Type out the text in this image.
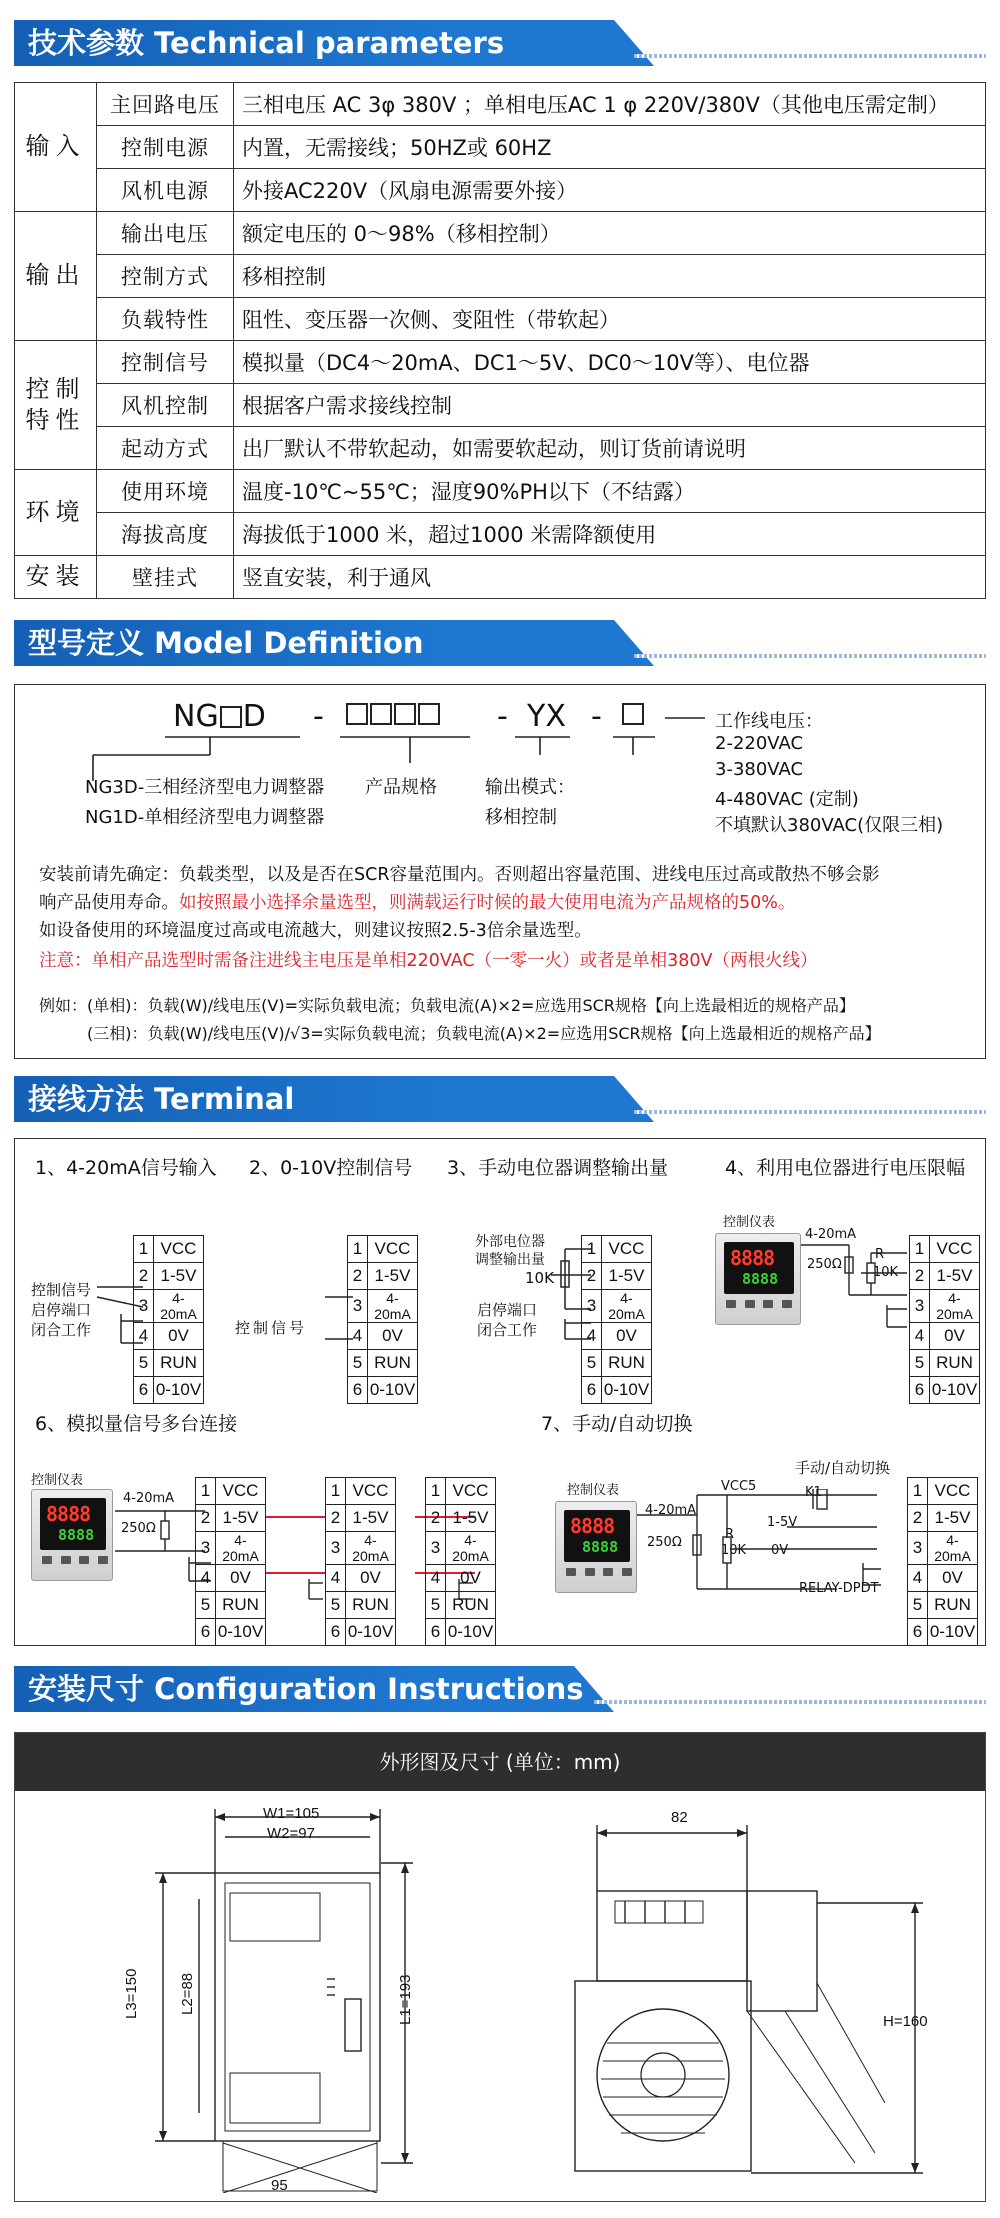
技术参数 Technical parameters
输入	主回路电压	三相电压 AC 3φ 380V ；单相电压AC 1 φ 220V/380V（其他电压需定制）
	控制电源	内置，无需接线；50HZ或 60HZ
	风机电源	外接AC220V（风扇电源需要外接）
输出	输出电压	额定电压的 0～98%（移相控制）
	控制方式	移相控制
	负载特性	阻性、变压器一次侧、变阻性（带软起）
控制特性	控制信号	模拟量（DC4～20mA、DC1～5V、DC0～10V等）、电位器
	风机控制	根据客户需求接线控制
	起动方式	出厂默认不带软起动，如需要软起动，则订货前请说明
环境	使用环境	温度-10℃~55℃；湿度90%PH以下（不结露）
	海拔高度	海拔低于1000 米，超过1000 米需降额使用
安装	壁挂式	竖直安装，利于通风
型号定义 Model Definition
NG D -	- YX -
NG3D-三相经济型电力调整器
NG1D-单相经济型电力调整器
产品规格	输出模式：
移相控制
工作线电压：
2-220VAC
3-380VAC
4-480VAC (定制)
不填默认380VAC(仅限三相)
安装前请先确定：负载类型，以及是否在SCR容量范围内。否则超出容量范围、进线电压过高或散热不够会影
响产品使用寿命。如按照最小选择余量选型，则满载运行时候的最大使用电流为产品规格的50%。
如设备使用的环境温度过高或电流越大，则建议按照2.5-3倍余量选型。
注意：单相产品选型时需备注进线主电压是单相220VAC（一零一火）或者是单相380V（两根火线）
例如：(单相)：负载(W)/线电压(V)=实际负载电流；负载电流(A)×2=应选用SCR规格【向上选最相近的规格产品】
(三相)：负载(W)/线电压(V)/√3=实际负载电流；负载电流(A)×2=应选用SCR规格【向上选最相近的规格产品】
接线方法 Terminal
1、4-20mA信号输入 2、0-10V控制信号 3、手动电位器调整输出量	4、利用电位器进行电压限幅
6、模拟量信号多台连接	7、手动/自动切换
控制信号
启停端口
闭合工作
1	VCC
2	1-5V
3	4-20mA
4	0V
5	RUN
6	0-10V
控制信号
1	VCC
2	1-5V
3	4-20mA
4	0V
5	RUN
6	0-10V
外部电位器
调整输出量
10K
启停端口
闭合工作
1	VCC
2	1-5V
3	4-20mA
4	0V
5	RUN
6	0-10V
控制仪表
8888
8888
4-20mA
250Ω
R
10K
1	VCC
2	1-5V
3	4-20mA
4	0V
5	RUN
6	0-10V
控制仪表
8888
8888
4-20mA
250Ω
1	VCC
2	1-5V
3	4-20mA
4	0V
5	RUN
6	0-10V
1	VCC
2	1-5V
3	4-20mA
4	0V
5	RUN
6	0-10V
1	VCC
2	1-5V
3	4-20mA
4	0V
5	RUN
6	0-10V
控制仪表
8888
8888
4-20mA
250Ω
VCC5
R
10K
1-5V
0V
手动/自动切换
K1
RELAY-DPDT
1	VCC
2	1-5V
3	4-20mA
4	0V
5	RUN
6	0-10V
安装尺寸 Configuration Instructions
外形图及尺寸 (单位：mm)
W1=105
W2=97
L3=150	L2=88	L1=193
95
82
H=160
